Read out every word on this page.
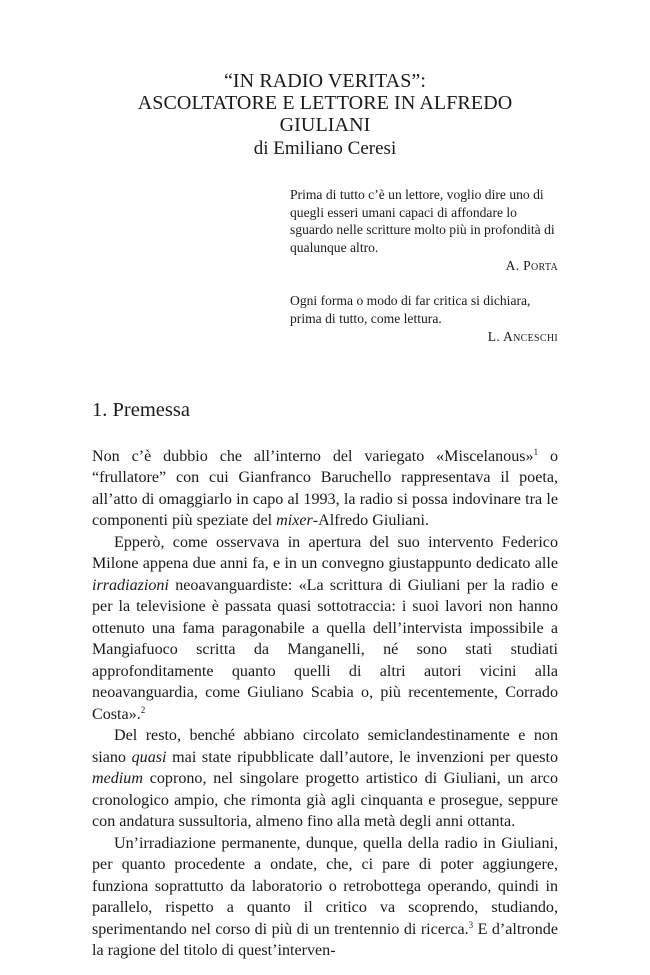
“IN RADIO VERITAS”:
ASCOLTATORE E LETTORE IN ALFREDO GIULIANI
di Emiliano Ceresi

Prima di tutto c’è un lettore, voglio dire uno di quegli esseri umani capaci di affondare lo sguardo nelle scritture molto più in profondità di qualunque altro.

A. Porta

Ogni forma o modo di far critica si dichiara, prima di tutto, come lettura.

L. Anceschi

1. Premessa

Non c’è dubbio che all’interno del variegato «Miscelanous»$^1$ o “frullatore” con cui Gianfranco Baruchello rappresentava il poeta, all’atto di omaggiarlo in capo al 1993, la radio si possa indovinare tra le componenti più speziate del mixer-Alfredo Giuliani.

Epperò, come osservava in apertura del suo intervento Federico Milone appena due anni fa, e in un convegno giustappunto dedicato alle irradiazioni neoavanguardiste: «La scrittura di Giuliani per la radio e per la televisione è passata quasi sottotraccia: i suoi lavori non hanno ottenuto una fama paragonabile a quella dell’intervista impossibile a Mangiafuoco scritta da Manganelli, né sono stati studiati approfonditamente quanto quelli di altri autori vicini alla neoavanguardia, come Giuliano Scabia o, più recentemente, Corrado Costa».$^2$

Del resto, benché abbiano circolato semiclandestinamente e non siano quasi mai state ripubblicate dall’autore, le invenzioni per questo medium coprono, nel singolare progetto artistico di Giuliani, un arco cronologico ampio, che rimonta già agli cinquanta e prosegue, seppure con andatura sussultoria, almeno fino alla metà degli anni ottanta.

Un’irradiazione permanente, dunque, quella della radio in Giuliani, per quanto procedente a ondate, che, ci pare di poter aggiungere, funziona soprattutto da laboratorio o retrobottega operando, quindi in parallelo, rispetto a quanto il critico va scoprendo, studiando, sperimentando nel corso di più di un trentennio di ricerca.$^3$ E d’altronde la ragione del titolo di quest’interven-
